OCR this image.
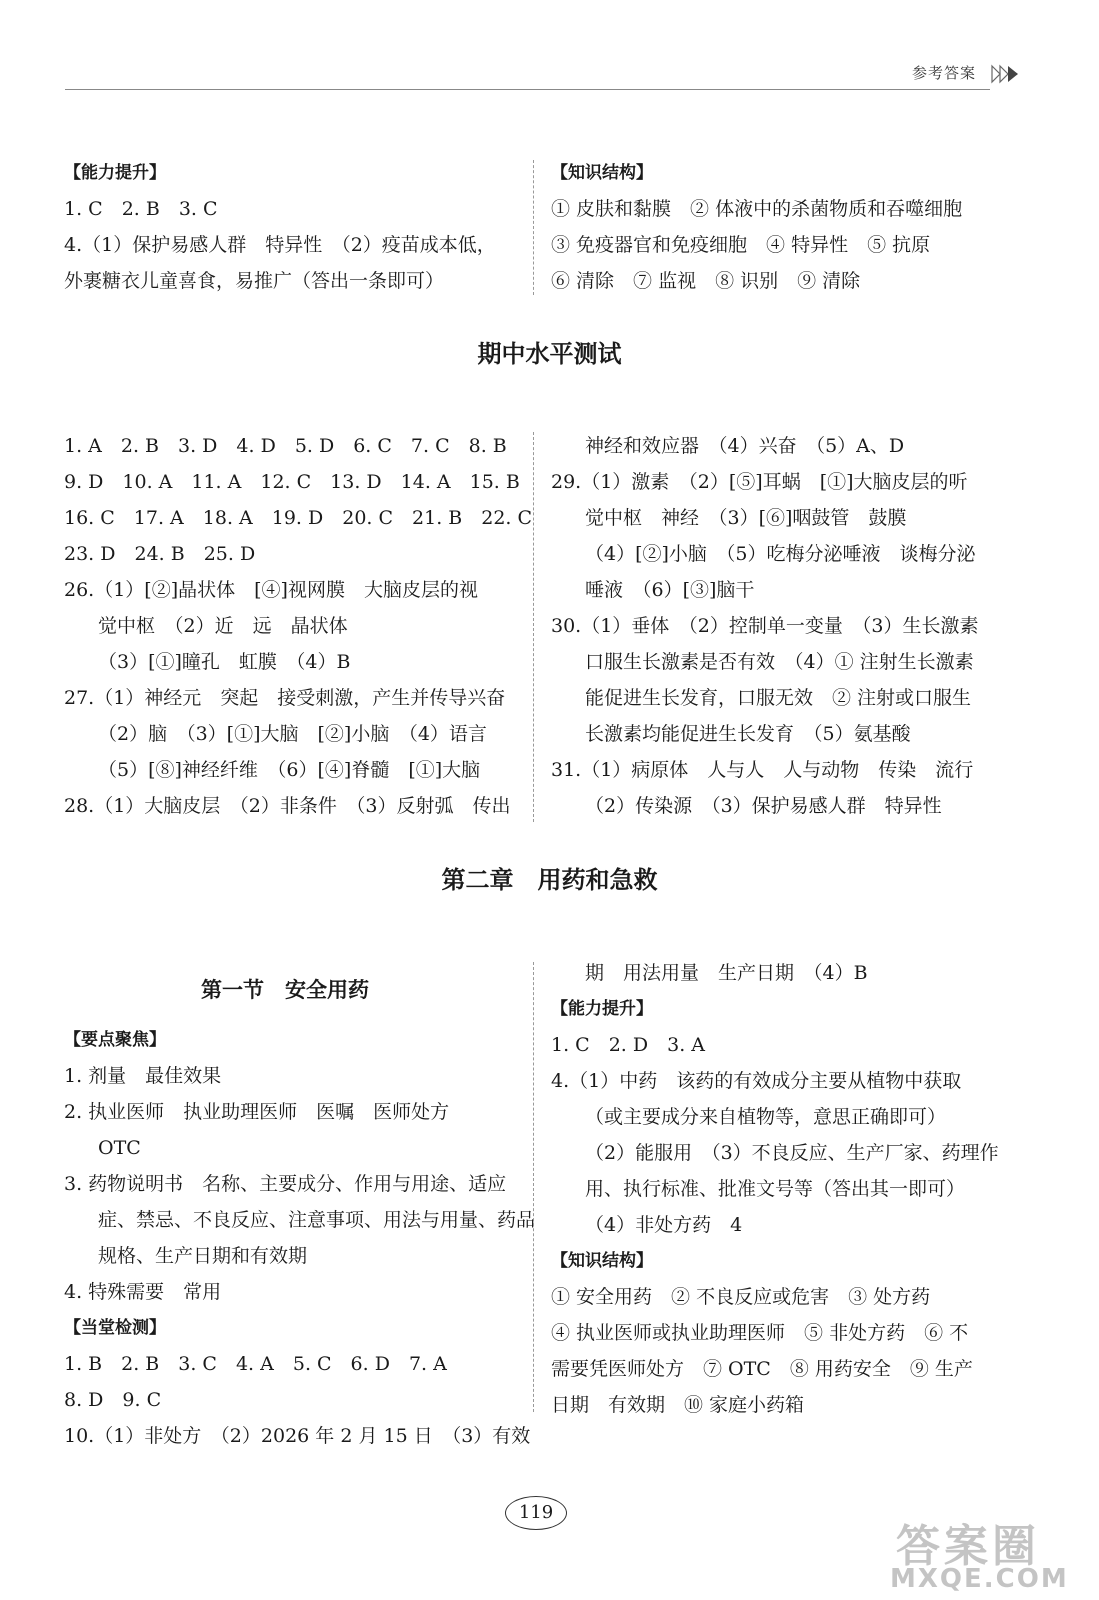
参考答案
【能力提升】
1. C　2. B　3. C
4.（1）保护易感人群　特异性　（2）疫苗成本低，
外裹糖衣儿童喜食，易推广（答出一条即可）
【知识结构】
① 皮肤和黏膜　② 体液中的杀菌物质和吞噬细胞
③ 免疫器官和免疫细胞　④ 特异性　⑤ 抗原
⑥ 清除　⑦ 监视　⑧ 识别　⑨ 清除
期中水平测试
1. A　2. B　3. D　4. D　5. D　6. C　7. C　8. B
9. D　10. A　11. A　12. C　13. D　14. A　15. B
16. C　17. A　18. A　19. D　20. C　21. B　22. C
23. D　24. B　25. D
26.（1）[②]晶状体　[④]视网膜　大脑皮层的视
觉中枢　（2）近　远　晶状体
（3）[①]瞳孔　虹膜　（4）B
27.（1）神经元　突起　接受刺激，产生并传导兴奋
（2）脑　（3）[①]大脑　[②]小脑　（4）语言
（5）[⑧]神经纤维　（6）[④]脊髓　[①]大脑
28.（1）大脑皮层　（2）非条件　（3）反射弧　传出
神经和效应器　（4）兴奋　（5）A、D
29.（1）激素　（2）[⑤]耳蜗　[①]大脑皮层的听
觉中枢　神经　（3）[⑥]咽鼓管　鼓膜
（4）[②]小脑　（5）吃梅分泌唾液　谈梅分泌
唾液　（6）[③]脑干
30.（1）垂体　（2）控制单一变量　（3）生长激素
口服生长激素是否有效　（4）① 注射生长激素
能促进生长发育，口服无效　② 注射或口服生
长激素均能促进生长发育　（5）氨基酸
31.（1）病原体　人与人　人与动物　传染　流行
（2）传染源　（3）保护易感人群　特异性
第二章　用药和急救
第一节　安全用药
【要点聚焦】
1. 剂量　最佳效果
2. 执业医师　执业助理医师　医嘱　医师处方
OTC
3. 药物说明书　名称、主要成分、作用与用途、适应
症、禁忌、不良反应、注意事项、用法与用量、药品
规格、生产日期和有效期
4. 特殊需要　常用
【当堂检测】
1. B　2. B　3. C　4. A　5. C　6. D　7. A
8. D　9. C
10.（1）非处方　（2）2026 年 2 月 15 日　（3）有效
期　用法用量　生产日期　（4）B
【能力提升】
1. C　2. D　3. A
4.（1）中药　该药的有效成分主要从植物中获取
（或主要成分来自植物等，意思正确即可）
（2）能服用　（3）不良反应、生产厂家、药理作
用、执行标准、批准文号等（答出其一即可）
（4）非处方药　4
【知识结构】
① 安全用药　② 不良反应或危害　③ 处方药
④ 执业医师或执业助理医师　⑤ 非处方药　⑥ 不
需要凭医师处方　⑦ OTC　⑧ 用药安全　⑨ 生产
日期　有效期　⑩ 家庭小药箱
119
答案圈
MXQE.COM
